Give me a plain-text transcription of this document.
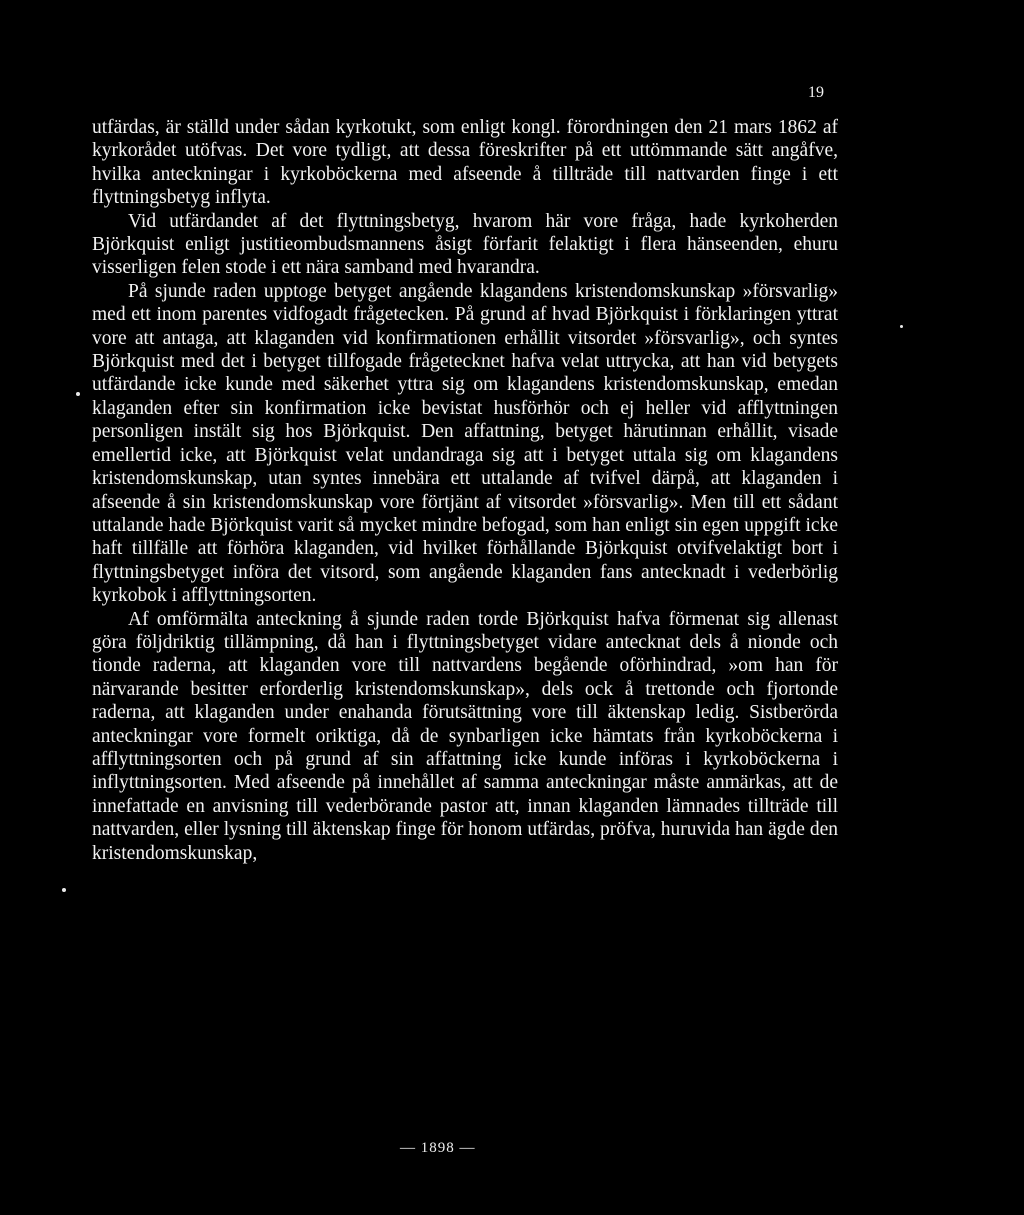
19

utfärdas, är ställd under sådan kyrkotukt, som enligt kongl. förordningen den 21 mars 1862 af kyrkorådet utöfvas. Det vore tydligt, att dessa föreskrifter på ett uttömmande sätt angåfve, hvilka anteckningar i kyrkoböckerna med afseende å tillträde till nattvarden finge i ett flyttningsbetyg inflyta.

Vid utfärdandet af det flyttningsbetyg, hvarom här vore fråga, hade kyrkoherden Björkquist enligt justitieombudsmannens åsigt förfarit felaktigt i flera hänseenden, ehuru visserligen felen stode i ett nära samband med hvarandra.

På sjunde raden upptoge betyget angående klagandens kristendomskunskap »försvarlig» med ett inom parentes vidfogadt frågetecken. På grund af hvad Björkquist i förklaringen yttrat vore att antaga, att klaganden vid konfirmationen erhållit vitsordet »försvarlig», och syntes Björkquist med det i betyget tillfogade frågetecknet hafva velat uttrycka, att han vid betygets utfärdande icke kunde med säkerhet yttra sig om klagandens kristendomskunskap, emedan klaganden efter sin konfirmation icke bevistat husförhör och ej heller vid afflyttningen personligen instält sig hos Björkquist. Den affattning, betyget härutinnan erhållit, visade emellertid icke, att Björkquist velat undandraga sig att i betyget uttala sig om klagandens kristendomskunskap, utan syntes innebära ett uttalande af tvifvel därpå, att klaganden i afseende å sin kristendomskunskap vore förtjänt af vitsordet »försvarlig». Men till ett sådant uttalande hade Björkquist varit så mycket mindre befogad, som han enligt sin egen uppgift icke haft tillfälle att förhöra klaganden, vid hvilket förhållande Björkquist otvifvelaktigt bort i flyttningsbetyget införa det vitsord, som angående klaganden fans antecknadt i vederbörlig kyrkobok i afflyttningsorten.

Af omförmälta anteckning å sjunde raden torde Björkquist hafva förmenat sig allenast göra följdriktig tillämpning, då han i flyttningsbetyget vidare antecknat dels å nionde och tionde raderna, att klaganden vore till nattvardens begående oförhindrad, »om han för närvarande besitter erforderlig kristendomskunskap», dels ock å trettonde och fjortonde raderna, att klaganden under enahanda förutsättning vore till äktenskap ledig. Sistberörda anteckningar vore formelt oriktiga, då de synbarligen icke hämtats från kyrkoböckerna i afflyttningsorten och på grund af sin affattning icke kunde införas i kyrkoböckerna i inflyttningsorten. Med afseende på innehållet af samma anteckningar måste anmärkas, att de innefattade en anvisning till vederbörande pastor att, innan klaganden lämnades tillträde till nattvarden, eller lysning till äktenskap finge för honom utfärdas, pröfva, huruvida han ägde den kristendomskunskap,

— 1898 —
